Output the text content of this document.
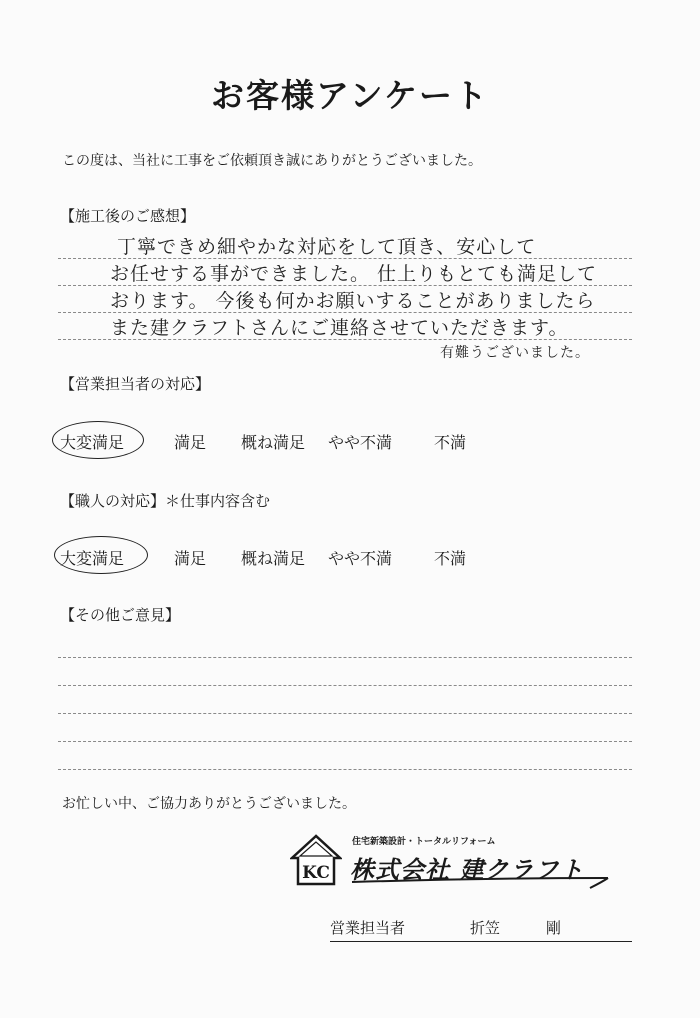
お客様アンケート
この度は、当社に工事をご依頼頂き誠にありがとうございました。
【施工後のご感想】
丁寧できめ細やかな対応をして頂き、安心して
お任せする事ができました。 仕上りもとても満足して
おります。 今後も何かお願いすることがありましたら
また建クラフトさんにご連絡させていただきます。
有難うございました。
【営業担当者の対応】
大変満足	満足 概ね満足 やや不満	不満
【職人の対応】＊仕事内容含む
大変満足	満足 概ね満足 やや不満	不満
【その他ご意見】
お忙しい中、ご協力ありがとうございました。
KC
住宅新築設計・トータルリフォーム
株式会社 建クラフト
営業担当者	折笠	剛
